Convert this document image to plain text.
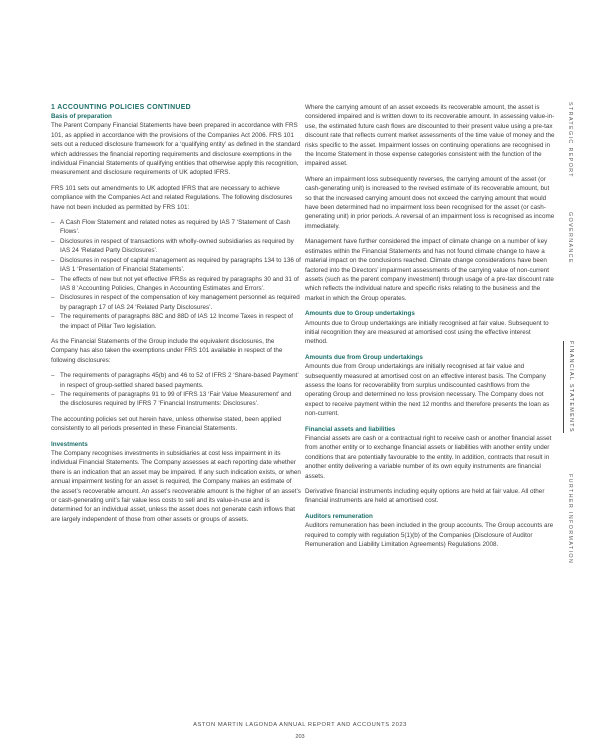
1 ACCOUNTING POLICIES CONTINUED
Basis of preparation

The Parent Company Financial Statements have been prepared in accordance with FRS 101, as applied in accordance with the provisions of the Companies Act 2006. FRS 101 sets out a reduced disclosure framework for a ‘qualifying entity’ as defined in the standard which addresses the financial reporting requirements and disclosure exemptions in the individual Financial Statements of qualifying entities that otherwise apply this recognition, measurement and disclosure requirements of UK adopted IFRS.

FRS 101 sets out amendments to UK adopted IFRS that are necessary to achieve compliance with the Companies Act and related Regulations. The following disclosures have not been included as permitted by FRS 101:

– A Cash Flow Statement and related notes as required by IAS 7 ‘Statement of Cash Flows’.
– Disclosures in respect of transactions with wholly-owned subsidiaries as required by IAS 24 ‘Related Party Disclosures’.
– Disclosures in respect of capital management as required by paragraphs 134 to 136 of IAS 1 ‘Presentation of Financial Statements’.
– The effects of new but not yet effective IFRSs as required by paragraphs 30 and 31 of IAS 8 ‘Accounting Policies, Changes in Accounting Estimates and Errors’.
– Disclosures in respect of the compensation of key management personnel as required by paragraph 17 of IAS 24 ‘Related Party Disclosures’.
– The requirements of paragraphs 88C and 88D of IAS 12 Income Taxes in respect of the impact of Pillar Two legislation.

As the Financial Statements of the Group include the equivalent disclosures, the Company has also taken the exemptions under FRS 101 available in respect of the following disclosures:

– The requirements of paragraphs 45(b) and 46 to 52 of IFRS 2 ‘Share-based Payment’ in respect of group-settled shared based payments.
– The requirements of paragraphs 91 to 99 of IFRS 13 ‘Fair Value Measurement’ and the disclosures required by IFRS 7 ‘Financial Instruments: Disclosures’.

The accounting policies set out herein have, unless otherwise stated, been applied consistently to all periods presented in these Financial Statements.

Investments

The Company recognises investments in subsidiaries at cost less impairment in its individual Financial Statements. The Company assesses at each reporting date whether there is an indication that an asset may be impaired. If any such indication exists, or when annual impairment testing for an asset is required, the Company makes an estimate of the asset’s recoverable amount. An asset’s recoverable amount is the higher of an asset’s or cash-generating unit’s fair value less costs to sell and its value-in-use and is determined for an individual asset, unless the asset does not generate cash inflows that are largely independent of those from other assets or groups of assets.

Where the carrying amount of an asset exceeds its recoverable amount, the asset is considered impaired and is written down to its recoverable amount. In assessing value-in-use, the estimated future cash flows are discounted to their present value using a pre-tax discount rate that reflects current market assessments of the time value of money and the risks specific to the asset. Impairment losses on continuing operations are recognised in the Income Statement in those expense categories consistent with the function of the impaired asset.

Where an impairment loss subsequently reverses, the carrying amount of the asset (or cash-generating unit) is increased to the revised estimate of its recoverable amount, but so that the increased carrying amount does not exceed the carrying amount that would have been determined had no impairment loss been recognised for the asset (or cash-generating unit) in prior periods. A reversal of an impairment loss is recognised as income immediately.

Management have further considered the impact of climate change on a number of key estimates within the Financial Statements and has not found climate change to have a material impact on the conclusions reached. Climate change considerations have been factored into the Directors’ impairment assessments of the carrying value of non-current assets (such as the parent company investment) through usage of a pre-tax discount rate which reflects the individual nature and specific risks relating to the business and the market in which the Group operates.

Amounts due to Group undertakings

Amounts due to Group undertakings are initially recognised at fair value. Subsequent to initial recognition they are measured at amortised cost using the effective interest method.

Amounts due from Group undertakings

Amounts due from Group undertakings are initially recognised at fair value and subsequently measured at amortised cost on an effective interest basis. The Company assess the loans for recoverability from surplus undiscounted cashflows from the operating Group and determined no loss provision necessary. The Company does not expect to receive payment within the next 12 months and therefore presents the loan as non-current.

Financial assets and liabilities

Financial assets are cash or a contractual right to receive cash or another financial asset from another entity or to exchange financial assets or liabilities with another entity under conditions that are potentially favourable to the entity. In addition, contracts that result in another entity delivering a variable number of its own equity instruments are financial assets.

Derivative financial instruments including equity options are held at fair value. All other financial instruments are held at amortised cost.

Auditors remuneration

Auditors remuneration has been included in the group accounts. The Group accounts are required to comply with regulation 5(1)(b) of the Companies (Disclosure of Auditor Remuneration and Liability Limitation Agreements) Regulations 2008.

STRATEGIC REPORT
GOVERNANCE
FINANCIAL STATEMENTS
FURTHER INFORMATION
ASTON MARTIN LAGONDA ANNUAL REPORT AND ACCOUNTS 2023
203
